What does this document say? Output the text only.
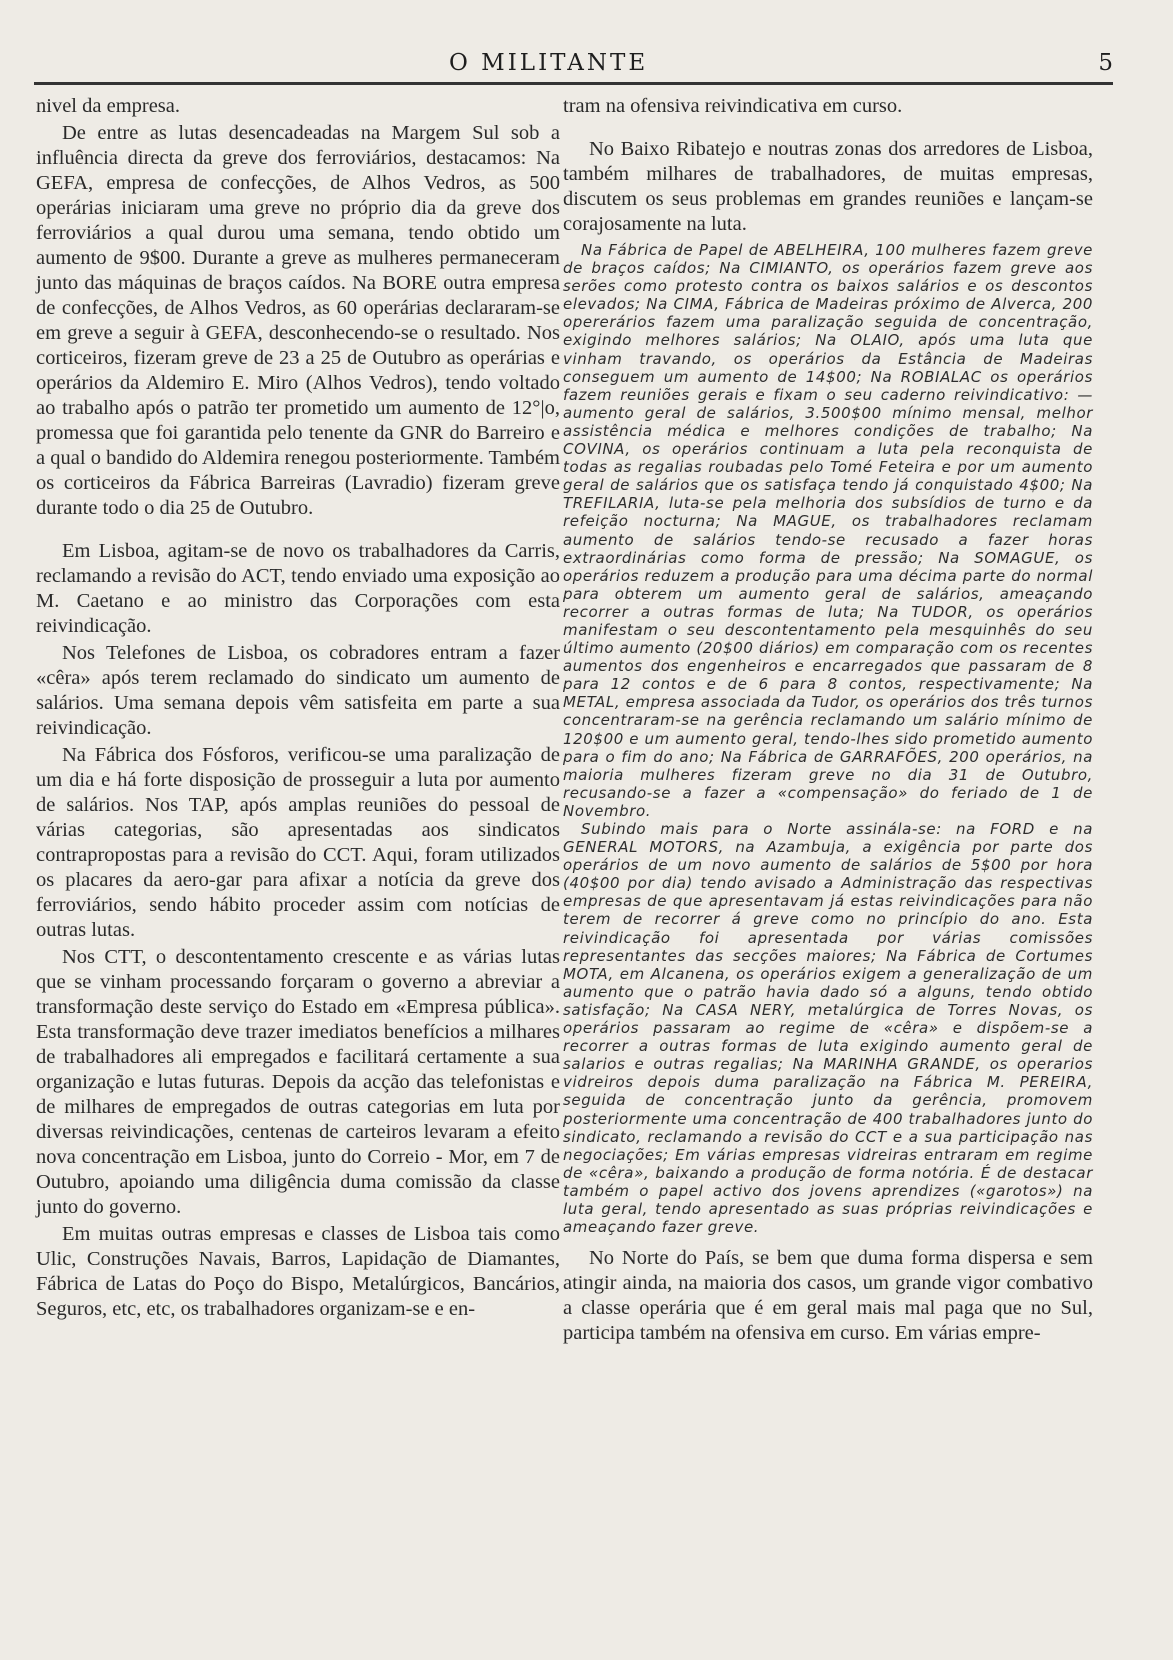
O MILITANTE	5

nivel da empresa.

De entre as lutas desencadeadas na Margem Sul sob a influência directa da greve dos ferroviários, destacamos: Na GEFA, empresa de confecções, de Alhos Vedros, as 500 operárias iniciaram uma greve no próprio dia da greve dos ferroviários a qual durou uma semana, tendo obtido um aumento de 9$00. Durante a greve as mulheres permaneceram junto das máquinas de braços caídos. Na BORE outra empresa de confecções, de Alhos Vedros, as 60 operárias declararam-se em greve a seguir à GEFA, desconhecendo-se o resultado. Nos corticeiros, fizeram greve de 23 a 25 de Outubro as operárias e operários da Aldemiro E. Miro (Alhos Vedros), tendo voltado ao trabalho após o patrão ter prometido um aumento de 12°|o, promessa que foi garantida pelo tenente da GNR do Barreiro e a qual o bandido do Aldemira renegou posteriormente. Também os corticeiros da Fábrica Barreiras (Lavradio) fizeram greve durante todo o dia 25 de Outubro.

Em Lisboa, agitam-se de novo os trabalhadores da Carris, reclamando a revisão do ACT, tendo enviado uma exposição ao M. Caetano e ao ministro das Corporações com esta reivindicação.

Nos Telefones de Lisboa, os cobradores entram a fazer «cêra» após terem reclamado do sindicato um aumento de salários. Uma semana depois vêm satisfeita em parte a sua reivindicação.

Na Fábrica dos Fósforos, verificou-se uma paralização de um dia e há forte disposição de prosseguir a luta por aumento de salários. Nos TAP, após amplas reuniões do pessoal de várias categorias, são apresentadas aos sindicatos contrapropostas para a revisão do CCT. Aqui, foram utilizados os placares da aero-gar para afixar a notícia da greve dos ferroviários, sendo hábito proceder assim com notícias de outras lutas.

Nos CTT, o descontentamento crescente e as várias lutas que se vinham processando forçaram o governo a abreviar a transformação deste serviço do Estado em «Empresa pública». Esta transformação deve trazer imediatos benefícios a milhares de trabalhadores ali empregados e facilitará certamente a sua organização e lutas futuras. Depois da acção das telefonistas e de milhares de empregados de outras categorias em luta por diversas reivindicações, centenas de carteiros levaram a efeito nova concentração em Lisboa, junto do Correio - Mor, em 7 de Outubro, apoiando uma diligência duma comissão da classe junto do governo.

Em muitas outras empresas e classes de Lisboa tais como Ulic, Construções Navais, Barros, Lapidação de Diamantes, Fábrica de Latas do Poço do Bispo, Metalúrgicos, Bancários, Seguros, etc, etc, os trabalhadores organizam-se e en-

tram na ofensiva reivindicativa em curso.

No Baixo Ribatejo e noutras zonas dos arredores de Lisboa, também milhares de trabalhadores, de muitas empresas, discutem os seus problemas em grandes reuniões e lançam-se corajosamente na luta.

Na Fábrica de Papel de ABELHEIRA, 100 mulheres fazem greve de braços caídos; Na CIMIANTO, os operários fazem greve aos serões como protesto contra os baixos salários e os descontos elevados; Na CIMA, Fábrica de Madeiras próximo de Alverca, 200 opererários fazem uma paralização seguida de concentração, exigindo melhores salários; Na OLAIO, após uma luta que vinham travando, os operários da Estância de Madeiras conseguem um aumento de 14$00; Na ROBIALAC os operários fazem reuniões gerais e fixam o seu caderno reivindicativo: — aumento geral de salários, 3.500$00 mínimo mensal, melhor assistência médica e melhores condições de trabalho; Na COVINA, os operários continuam a luta pela reconquista de todas as regalias roubadas pelo Tomé Feteira e por um aumento geral de salários que os satisfaça tendo já conquistado 4$00; Na TREFILARIA, luta-se pela melhoria dos subsídios de turno e da refeição nocturna; Na MAGUE, os trabalhadores reclamam aumento de salários tendo-se recusado a fazer horas extraordinárias como forma de pressão; Na SOMAGUE, os operários reduzem a produção para uma décima parte do normal para obterem um aumento geral de salários, ameaçando recorrer a outras formas de luta; Na TUDOR, os operários manifestam o seu descontentamento pela mesquinhês do seu último aumento (20$00 diários) em comparação com os recentes aumentos dos engenheiros e encarregados que passaram de 8 para 12 contos e de 6 para 8 contos, respectivamente; Na METAL, empresa associada da Tudor, os operários dos três turnos concentraram-se na gerência reclamando um salário mínimo de 120$00 e um aumento geral, tendo-lhes sido prometido aumento para o fim do ano; Na Fábrica de GARRAFÕES, 200 operários, na maioria mulheres fizeram greve no dia 31 de Outubro, recusando-se a fazer a «compensação» do feriado de 1 de Novembro.

Subindo mais para o Norte assinála-se: na FORD e na GENERAL MOTORS, na Azambuja, a exigência por parte dos operários de um novo aumento de salários de 5$00 por hora (40$00 por dia) tendo avisado a Administração das respectivas empresas de que apresentavam já estas reivindicações para não terem de recorrer á greve como no princípio do ano. Esta reivindicação foi apresentada por várias comissões representantes das secções maiores; Na Fábrica de Cortumes MOTA, em Alcanena, os operários exigem a generalização de um aumento que o patrão havia dado só a alguns, tendo obtido satisfação; Na CASA NERY, metalúrgica de Torres Novas, os operários passaram ao regime de «cêra» e dispõem-se a recorrer a outras formas de luta exigindo aumento geral de salarios e outras regalias; Na MARINHA GRANDE, os operarios vidreiros depois duma paralização na Fábrica M. PEREIRA, seguida de concentração junto da gerência, promovem posteriormente uma concentração de 400 trabalhadores junto do sindicato, reclamando a revisão do CCT e a sua participação nas negociações; Em várias empresas vidreiras entraram em regime de «cêra», baixando a produção de forma notória. É de destacar também o papel activo dos jovens aprendizes («garotos») na luta geral, tendo apresentado as suas próprias reivindicações e ameaçando fazer greve.

No Norte do País, se bem que duma forma dispersa e sem atingir ainda, na maioria dos casos, um grande vigor combativo a classe operária que é em geral mais mal paga que no Sul, participa também na ofensiva em curso. Em várias empre-
